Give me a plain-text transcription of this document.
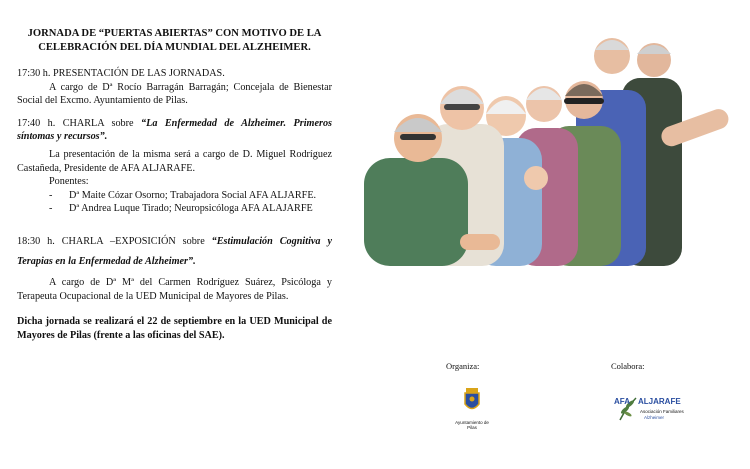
JORNADA DE “PUERTAS ABIERTAS” CON MOTIVO DE LA CELEBRACIÓN DEL DÍA MUNDIAL DEL ALZHEIMER.

17:30 h. PRESENTACIÓN DE LAS JORNADAS.

A cargo de Dª Rocío Barragán Barragán; Concejala de Bienestar Social del Excmo. Ayuntamiento de Pilas.

17:40 h. CHARLA sobre “La Enfermedad de Alzheimer. Primeros síntomas y recursos”.

La presentación de la misma será a cargo de D. Miguel Rodríguez Castañeda, Presidente de AFA ALJARAFE.

Ponentes:

- Dª Maite Cózar Osorno; Trabajadora Social AFA ALJARFE.

- Dª Andrea Luque Tirado; Neuropsicóloga AFA ALAJARFE

18:30 h. CHARLA –EXPOSICIÓN sobre “Estimulación Cognitiva y Terapias en la Enfermedad de Alzheimer”.

A cargo de Dª Mª del Carmen Rodríguez Suárez, Psicóloga y Terapeuta Ocupacional de la UED Municipal de Mayores de Pilas.

Dicha jornada se realizará el 22 de septiembre en la UED Municipal de Mayores de Pilas (frente a las oficinas del SAE).

Organiza:	Colabora:
Ayuntamiento de Pilas
AFA ALJARAFE
Asociación Familiares
Alzheimer
